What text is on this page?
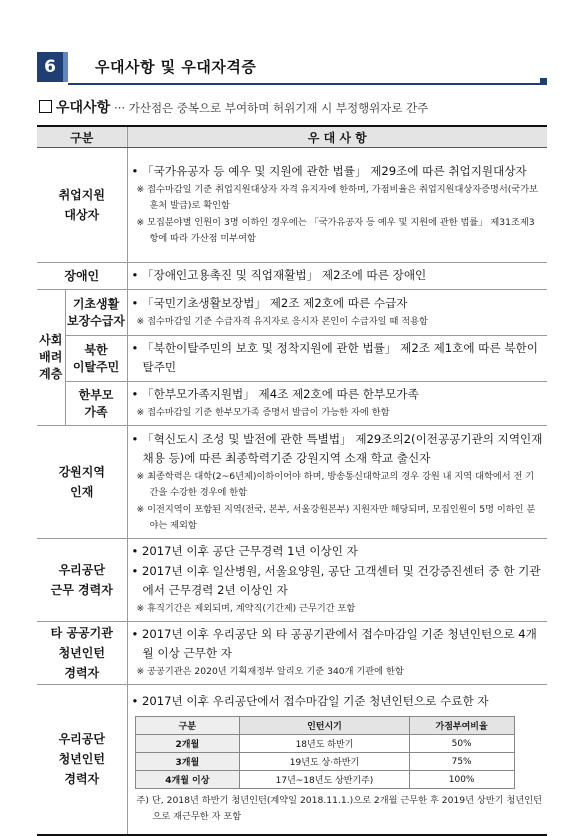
6	우대사항 및 우대자격증
우대사항 ··· 가산점은 중복으로 부여하며 허위기재 시 부정행위자로 간주
구분	우 대 사 항
취업지원
대상자	
• 「국가유공자 등 예우 및 지원에 관한 법률」 제29조에 따른 취업지원대상자
※ 접수마감일 기준 취업지원대상자 자격 유지자에 한하며, 가점비율은 취업지원대상자증명서(국가보훈처 발급)로 확인함
※ 모집분야별 인원이 3명 이하인 경우에는 「국가유공자 등 예우 및 지원에 관한 법률」 제31조제3항에 따라 가산점 미부여함

장애인	• 「장애인고용촉진 및 직업재활법」 제2조에 따른 장애인

사회
배려
계층	기초생활
보장수급자	
• 「국민기초생활보장법」 제2조 제2호에 따른 수급자
※ 접수마감일 기준 수급자격 유지자로 응시자 본인이 수급자일 때 적용함

북한
이탈주민	
• 「북한이탈주민의 보호 및 정착지원에 관한 법률」 제2조 제1호에 따른 북한이탈주민

한부모
가족	
• 「한부모가족지원법」 제4조 제2호에 따른 한부모가족
※ 접수마감일 기준 한부모가족 증명서 발급이 가능한 자에 한함

강원지역
인재	
• 「혁신도시 조성 및 발전에 관한 특별법」 제29조의2(이전공공기관의 지역인재 채용 등)에 따른 최종학력기준 강원지역 소재 학교 출신자
※ 최종학력은 대학(2~6년제)이하이어야 하며, 방송통신대학교의 경우 강원 내 지역 대학에서 전 기간을 수강한 경우에 한함
※ 이전지역이 포함된 지역(전국, 본부, 서울강원본부) 지원자만 해당되며, 모집인원이 5명 이하인 분야는 제외함

우리공단
근무 경력자	
• 2017년 이후 공단 근무경력 1년 이상인 자
• 2017년 이후 일산병원, 서울요양원, 공단 고객센터 및 건강증진센터 중 한 기관에서 근무경력 2년 이상인 자
※ 휴직기간은 제외되며, 계약직(기간제) 근무기간 포함

타 공공기관
청년인턴
경력자	
• 2017년 이후 우리공단 외 타 공공기관에서 접수마감일 기준 청년인턴으로 4개월 이상 근무한 자
※ 공공기관은 2020년 기획재정부 알리오 기준 340개 기관에 한함

우리공단
청년인턴
경력자	
• 2017년 이후 우리공단에서 접수마감일 기준 청년인턴으로 수료한 자
구분	인턴시기	가점부여비율
2개월	18년도 하반기	50%
3개월	19년도 상·하반기	75%
4개월 이상	17년~18년도 상반기주)	100%
주) 단, 2018년 하반기 청년인턴(계약일 2018.11.1.)으로 2개월 근무한 후 2019년 상반기 청년인턴으로 재근무한 자 포함
